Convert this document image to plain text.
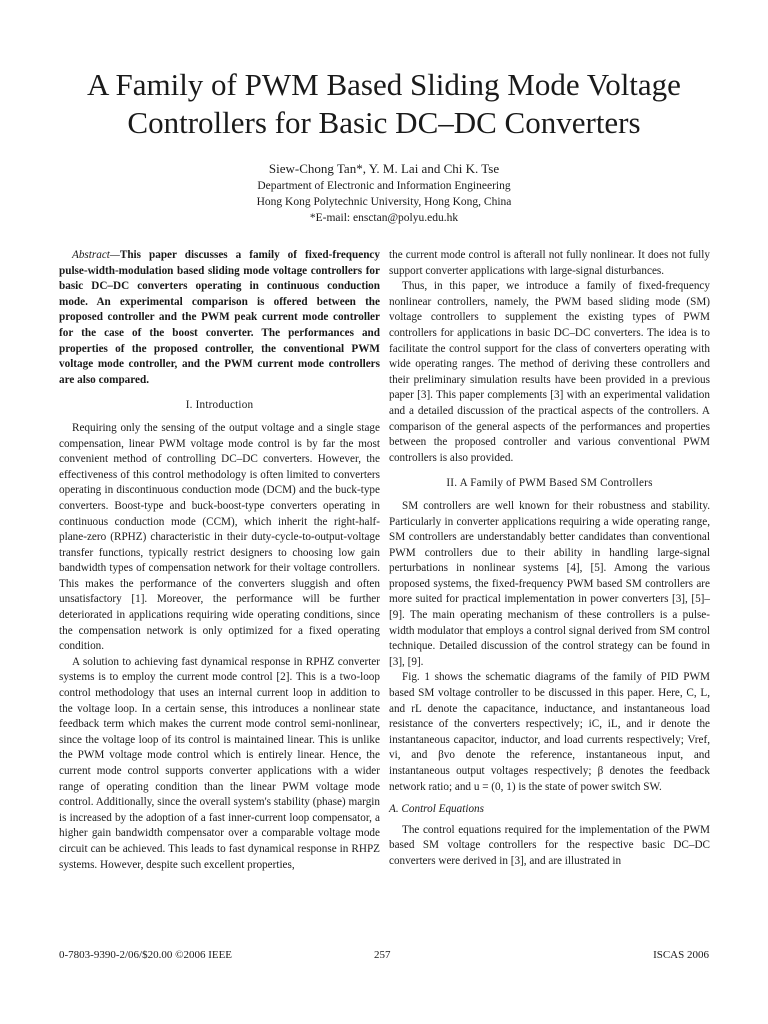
A Family of PWM Based Sliding Mode Voltage
Controllers for Basic DC–DC Converters
Siew-Chong Tan*, Y. M. Lai and Chi K. Tse
Department of Electronic and Information Engineering
Hong Kong Polytechnic University, Hong Kong, China
*E-mail: ensctan@polyu.edu.hk

Abstract—This paper discusses a family of fixed-frequency pulse-width-modulation based sliding mode voltage controllers for basic DC–DC converters operating in continuous conduction mode. An experimental comparison is offered between the proposed controller and the PWM peak current mode controller for the case of the boost converter. The performances and properties of the proposed controller, the conventional PWM voltage mode controller, and the PWM current mode controllers are also compared.

I. Introduction

Requiring only the sensing of the output voltage and a single stage compensation, linear PWM voltage mode control is by far the most convenient method of controlling DC–DC converters. However, the effectiveness of this control methodology is often limited to converters operating in discontinuous conduction mode (DCM) and the buck-type converters. Boost-type and buck-boost-type converters operating in continuous conduction mode (CCM), which inherit the right-half-plane-zero (RPHZ) characteristic in their duty-cycle-to-output-voltage transfer functions, typically restrict designers to choosing low gain bandwidth types of compensation network for their voltage controllers. This makes the performance of the converters sluggish and often unsatisfactory [1]. Moreover, the performance will be further deteriorated in applications requiring wide operating conditions, since the compensation network is only optimized for a fixed operating condition.

A solution to achieving fast dynamical response in RPHZ converter systems is to employ the current mode control [2]. This is a two-loop control methodology that uses an internal current loop in addition to the voltage loop. In a certain sense, this introduces a nonlinear state feedback term which makes the current mode control semi-nonlinear, since the voltage loop of its control is maintained linear. This is unlike the PWM voltage mode control which is entirely linear. Hence, the current mode control supports converter applications with a wider range of operating condition than the linear PWM voltage mode control. Additionally, since the overall system's stability (phase) margin is increased by the adoption of a fast inner-current loop compensator, a higher gain bandwidth compensator over a comparable voltage mode circuit can be achieved. This leads to fast dynamical response in RHPZ systems. However, despite such excellent properties,

the current mode control is afterall not fully nonlinear. It does not fully support converter applications with large-signal disturbances.

Thus, in this paper, we introduce a family of fixed-frequency nonlinear controllers, namely, the PWM based sliding mode (SM) voltage controllers to supplement the existing types of PWM controllers for applications in basic DC–DC converters. The idea is to facilitate the control support for the class of converters operating with wide operating ranges. The method of deriving these controllers and their preliminary simulation results have been provided in a previous paper [3]. This paper complements [3] with an experimental validation and a detailed discussion of the practical aspects of the controllers. A comparison of the general aspects of the performances and properties between the proposed controller and various conventional PWM controllers is also provided.

II. A Family of PWM Based SM Controllers

SM controllers are well known for their robustness and stability. Particularly in converter applications requiring a wide operating range, SM controllers are understandably better candidates than conventional PWM controllers due to their ability in handling large-signal perturbations in nonlinear systems [4], [5]. Among the various proposed systems, the fixed-frequency PWM based SM controllers are more suited for practical implementation in power converters [3], [5]–[9]. The main operating mechanism of these controllers is a pulse-width modulator that employs a control signal derived from SM control technique. Detailed discussion of the control strategy can be found in [3], [9].

Fig. 1 shows the schematic diagrams of the family of PID PWM based SM voltage controller to be discussed in this paper. Here, C, L, and rL denote the capacitance, inductance, and instantaneous load resistance of the converters respectively; iC, iL, and ir denote the instantaneous capacitor, inductor, and load currents respectively; Vref, vi, and βvo denote the reference, instantaneous input, and instantaneous output voltages respectively; β denotes the feedback network ratio; and u = (0, 1) is the state of power switch SW.

A. Control Equations

The control equations required for the implementation of the PWM based SM voltage controllers for the respective basic DC–DC converters were derived in [3], and are illustrated in

0-7803-9390-2/06/$20.00 ©2006 IEEE	257	ISCAS 2006
